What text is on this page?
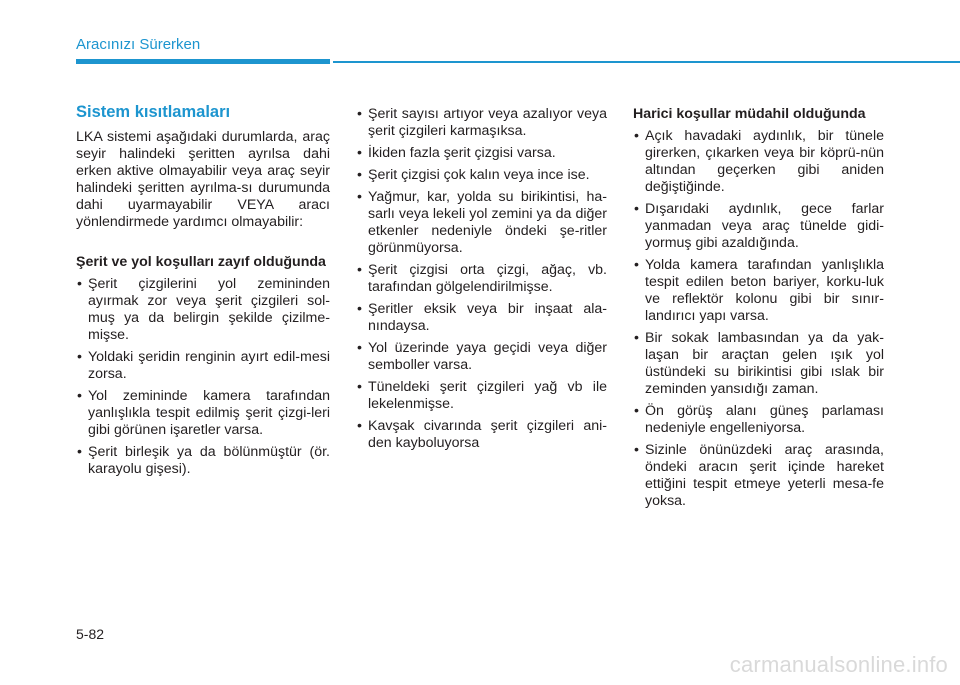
Aracınızı Sürerken
Sistem kısıtlamaları
LKA sistemi aşağıdaki durumlarda, araç seyir halindeki şeritten ayrılsa dahi erken aktive olmayabilir veya araç seyir halindeki şeritten ayrılma-sı durumunda dahi uyarmayabilir VEYA aracı yönlendirmede yardımcı olmayabilir:
Şerit ve yol koşulları zayıf olduğunda
• Şerit çizgilerini yol zemininden ayırmak zor veya şerit çizgileri sol-muş ya da belirgin şekilde çizilme-mişse.
• Yoldaki şeridin renginin ayırt edil-mesi zorsa.
• Yol zemininde kamera tarafından yanlışlıkla tespit edilmiş şerit çizgi-leri gibi görünen işaretler varsa.
• Şerit birleşik ya da bölünmüştür (ör. karayolu gişesi).
• Şerit sayısı artıyor veya azalıyor veya şerit çizgileri karmaşıksa.
• İkiden fazla şerit çizgisi varsa.
• Şerit çizgisi çok kalın veya ince ise.
• Yağmur, kar, yolda su birikintisi, ha-sarlı veya lekeli yol zemini ya da diğer etkenler nedeniyle öndeki şe-ritler görünmüyorsa.
• Şerit çizgisi orta çizgi, ağaç, vb. tarafından gölgelendirilmişse.
• Şeritler eksik veya bir inşaat ala-nındaysa.
• Yol üzerinde yaya geçidi veya diğer semboller varsa.
• Tüneldeki şerit çizgileri yağ vb ile lekelenmişse.
• Kavşak civarında şerit çizgileri ani-den kayboluyorsa
Harici koşullar müdahil olduğunda
• Açık havadaki aydınlık, bir tünele girerken, çıkarken veya bir köprü-nün altından geçerken gibi aniden değiştiğinde.
• Dışarıdaki aydınlık, gece farlar yanmadan veya araç tünelde gidi-yormuş gibi azaldığında.
• Yolda kamera tarafından yanlışlıkla tespit edilen beton bariyer, korku-luk ve reflektör kolonu gibi bir sınır-landırıcı yapı varsa.
• Bir sokak lambasından ya da yak-laşan bir araçtan gelen ışık yol üstündeki su birikintisi gibi ıslak bir zeminden yansıdığı zaman.
• Ön görüş alanı güneş parlaması nedeniyle engelleniyorsa.
• Sizinle önünüzdeki araç arasında, öndeki aracın şerit içinde hareket ettiğini tespit etmeye yeterli mesa-fe yoksa.
5-82
carmanualsonline.info
